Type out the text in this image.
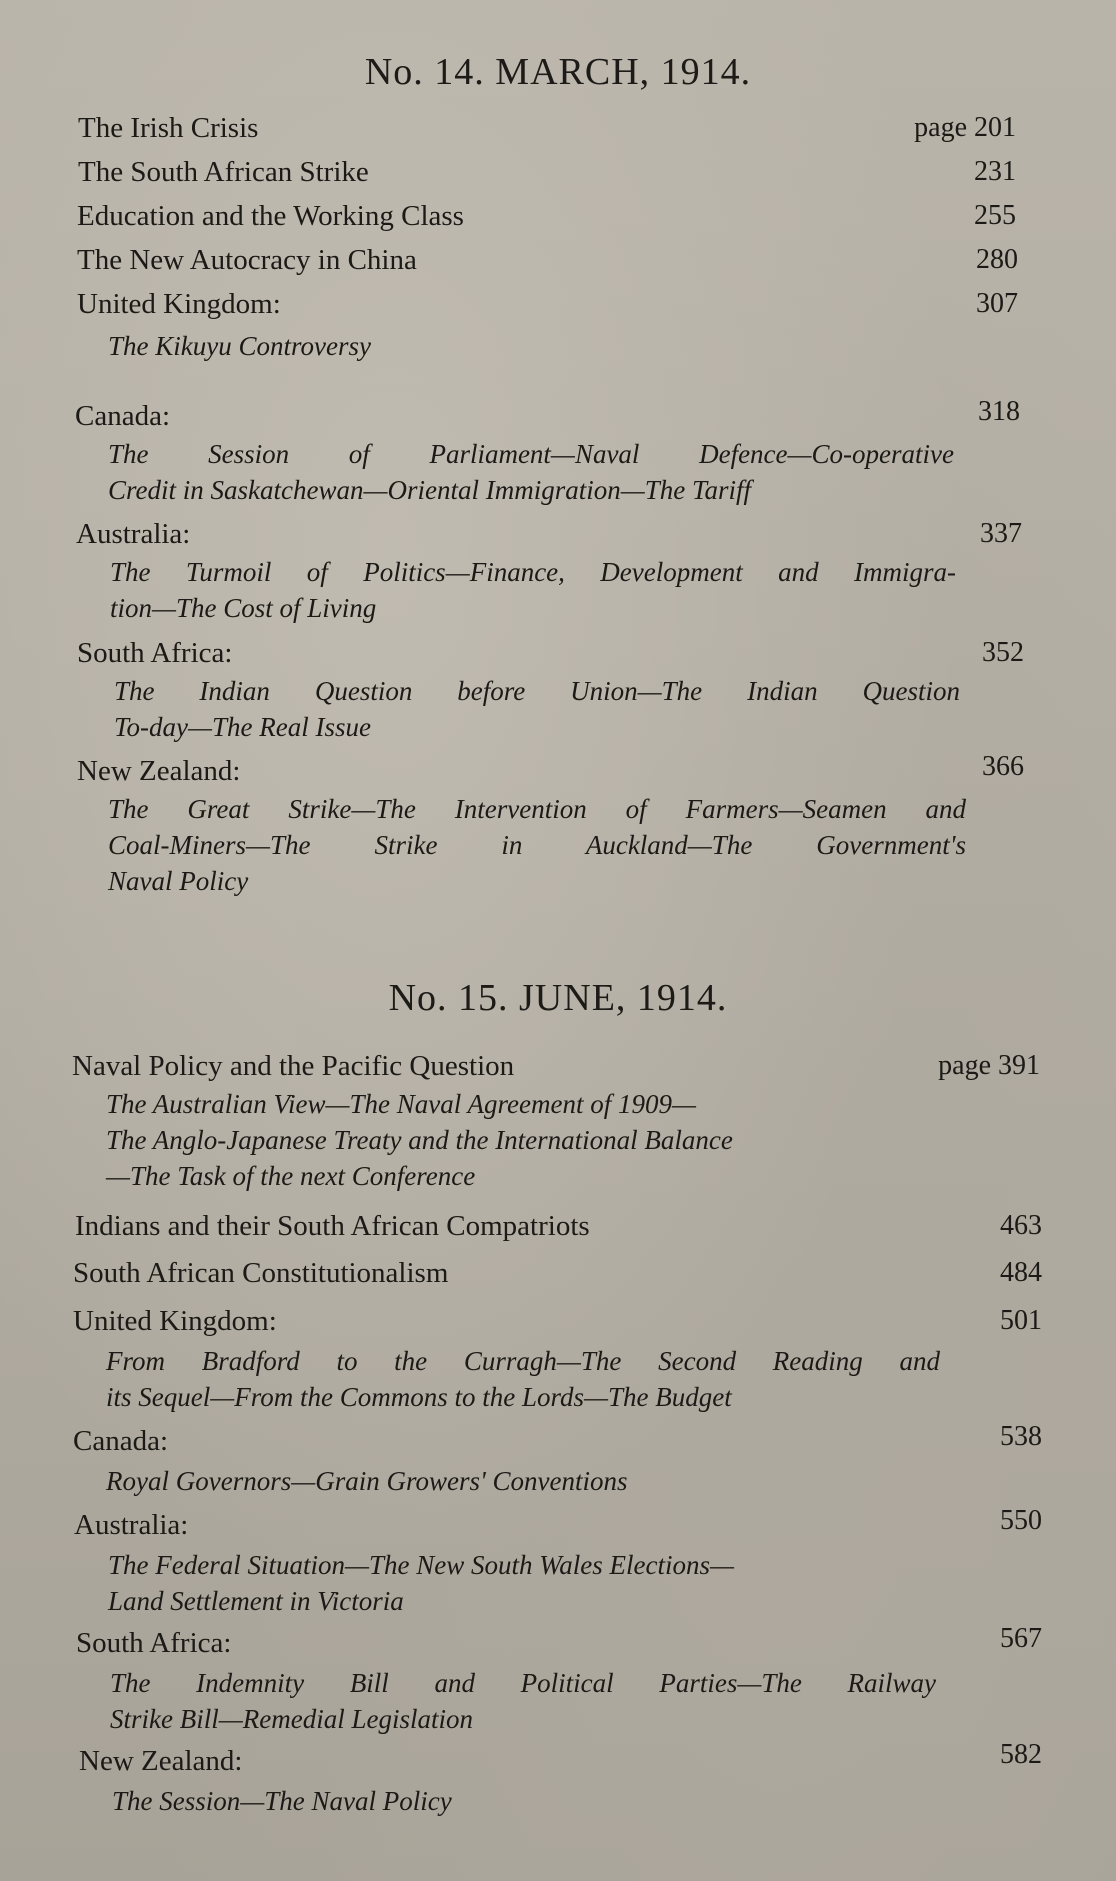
No. 14. MARCH, 1914.
The Irish Crisis	page 201
The South African Strike	231
Education and the Working Class	255
The New Autocracy in China	280
United Kingdom:	307
The Kikuyu Controversy
Canada:	318
The Session of Parliament—Naval Defence—Co-operative
Credit in Saskatchewan—Oriental Immigration—The Tariff
Australia:	337
The Turmoil of Politics—Finance, Development and Immigra-
tion—The Cost of Living
South Africa:	352
The Indian Question before Union—The Indian Question
To-day—The Real Issue
New Zealand:	366
The Great Strike—The Intervention of Farmers—Seamen and
Coal-Miners—The Strike in Auckland—The Government's
Naval Policy
No. 15. JUNE, 1914.
Naval Policy and the Pacific Question	page 391
The Australian View—The Naval Agreement of 1909—
The Anglo-Japanese Treaty and the International Balance
—The Task of the next Conference
Indians and their South African Compatriots	463
South African Constitutionalism	484
United Kingdom:	501
From Bradford to the Curragh—The Second Reading and
its Sequel—From the Commons to the Lords—The Budget
Canada:	538
Royal Governors—Grain Growers' Conventions
Australia:	550
The Federal Situation—The New South Wales Elections—
Land Settlement in Victoria
South Africa:	567
The Indemnity Bill and Political Parties—The Railway
Strike Bill—Remedial Legislation
New Zealand:	582
The Session—The Naval Policy
